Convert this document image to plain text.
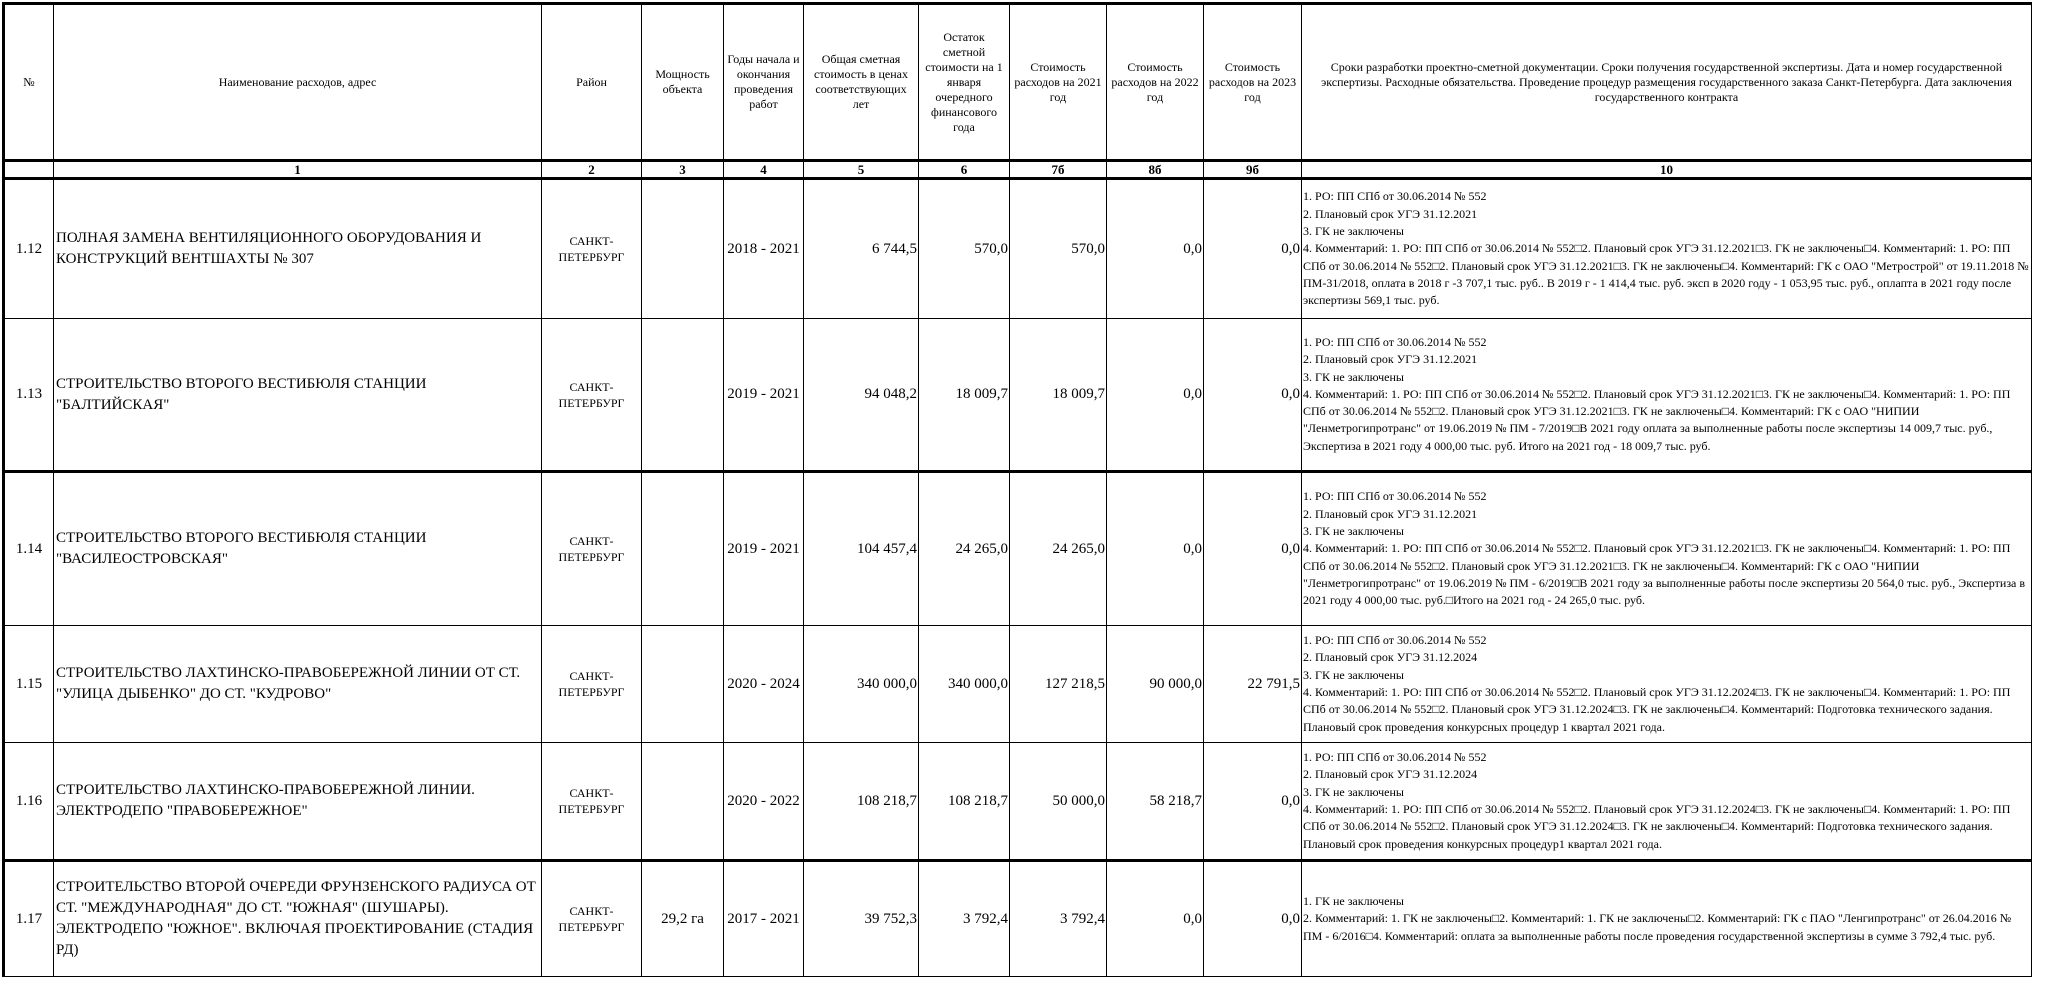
№	Наименование расходов, адрес	Район	Мощность объекта	Годы начала и окончания проведения работ	Общая сметная стоимость в ценах соответствующих лет	Остаток сметной стоимости на 1 января очередного финансового года	Стоимость расходов на 2021 год	Стоимость расходов на 2022 год	Стоимость расходов на 2023 год	Сроки разработки проектно-сметной документации. Сроки получения государственной экспертизы. Дата и номер государственной экспертизы. Расходные обязательства. Проведение процедур размещения государственного заказа Санкт-Петербурга. Дата заключения государственного контракта
	1	2	3	4	5	6	7б	8б	9б	10
1.12	ПОЛНАЯ ЗАМЕНА ВЕНТИЛЯЦИОННОГО ОБОРУДОВАНИЯ И КОНСТРУКЦИЙ ВЕНТШАХТЫ № 307	САНКТ-ПЕТЕРБУРГ		2018 - 2021	6 744,5	570,0	570,0	0,0	0,0	1. РО: ПП СПб от 30.06.2014 № 552
2. Плановый срок УГЭ 31.12.2021
3. ГК не заключены
4. Комментарий: 1. РО: ПП СПб от 30.06.2014 № 552□2. Плановый срок УГЭ 31.12.2021□3. ГК не заключены□4. Комментарий: 1. РО: ПП СПб от 30.06.2014 № 552□2. Плановый срок УГЭ 31.12.2021□3. ГК не заключены□4. Комментарий: ГК с ОАО "Метрострой" от 19.11.2018 № ПМ-31/2018, оплата в 2018 г -3 707,1 тыс. руб.. В 2019 г - 1 414,4 тыс. руб. эксп в 2020 году - 1 053,95 тыс. руб., оплапта в 2021 году после экспертизы 569,1 тыс. руб.
1.13	СТРОИТЕЛЬСТВО ВТОРОГО ВЕСТИБЮЛЯ СТАНЦИИ "БАЛТИЙСКАЯ"	САНКТ-ПЕТЕРБУРГ		2019 - 2021	94 048,2	18 009,7	18 009,7	0,0	0,0	1. РО: ПП СПб от 30.06.2014 № 552
2. Плановый срок УГЭ 31.12.2021
3. ГК не заключены
4. Комментарий: 1. РО: ПП СПб от 30.06.2014 № 552□2. Плановый срок УГЭ 31.12.2021□3. ГК не заключены□4. Комментарий: 1. РО: ПП СПб от 30.06.2014 № 552□2. Плановый срок УГЭ 31.12.2021□3. ГК не заключены□4. Комментарий: ГК с ОАО "НИПИИ "Ленметрогипротранс" от 19.06.2019 № ПМ - 7/2019□В 2021 году оплата за выполненные работы после экспертизы 14 009,7 тыс. руб., Экспертиза в 2021 году 4 000,00 тыс. руб. Итого на 2021 год - 18 009,7 тыс. руб.
1.14	СТРОИТЕЛЬСТВО ВТОРОГО ВЕСТИБЮЛЯ СТАНЦИИ "ВАСИЛЕОСТРОВСКАЯ"	САНКТ-ПЕТЕРБУРГ		2019 - 2021	104 457,4	24 265,0	24 265,0	0,0	0,0	1. РО: ПП СПб от 30.06.2014 № 552
2. Плановый срок УГЭ 31.12.2021
3. ГК не заключены
4. Комментарий: 1. РО: ПП СПб от 30.06.2014 № 552□2. Плановый срок УГЭ 31.12.2021□3. ГК не заключены□4. Комментарий: 1. РО: ПП СПб от 30.06.2014 № 552□2. Плановый срок УГЭ 31.12.2021□3. ГК не заключены□4. Комментарий: ГК с ОАО "НИПИИ "Ленметрогипротранс" от 19.06.2019 № ПМ - 6/2019□В 2021 году за выполненные работы после экспертизы 20 564,0 тыс. руб., Экспертиза в 2021 году 4 000,00 тыс. руб.□Итого на 2021 год - 24 265,0 тыс. руб.
1.15	СТРОИТЕЛЬСТВО ЛАХТИНСКО-ПРАВОБЕРЕЖНОЙ ЛИНИИ ОТ СТ. "УЛИЦА ДЫБЕНКО" ДО СТ. "КУДРОВО"	САНКТ-ПЕТЕРБУРГ		2020 - 2024	340 000,0	340 000,0	127 218,5	90 000,0	22 791,5	1. РО: ПП СПб от 30.06.2014 № 552
2. Плановый срок УГЭ 31.12.2024
3. ГК не заключены
4. Комментарий: 1. РО: ПП СПб от 30.06.2014 № 552□2. Плановый срок УГЭ 31.12.2024□3. ГК не заключены□4. Комментарий: 1. РО: ПП СПб от 30.06.2014 № 552□2. Плановый срок УГЭ 31.12.2024□3. ГК не заключены□4. Комментарий: Подготовка технического задания. Плановый срок проведения конкурсных процедур 1 квартал 2021 года.
1.16	СТРОИТЕЛЬСТВО ЛАХТИНСКО-ПРАВОБЕРЕЖНОЙ ЛИНИИ. ЭЛЕКТРОДЕПО "ПРАВОБЕРЕЖНОЕ"	САНКТ-ПЕТЕРБУРГ		2020 - 2022	108 218,7	108 218,7	50 000,0	58 218,7	0,0	1. РО: ПП СПб от 30.06.2014 № 552
2. Плановый срок УГЭ 31.12.2024
3. ГК не заключены
4. Комментарий: 1. РО: ПП СПб от 30.06.2014 № 552□2. Плановый срок УГЭ 31.12.2024□3. ГК не заключены□4. Комментарий: 1. РО: ПП СПб от 30.06.2014 № 552□2. Плановый срок УГЭ 31.12.2024□3. ГК не заключены□4. Комментарий: Подготовка технического задания. Плановый срок проведения конкурсных процедур1 квартал 2021 года.
1.17	СТРОИТЕЛЬСТВО ВТОРОЙ ОЧЕРЕДИ ФРУНЗЕНСКОГО РАДИУСА ОТ СТ. "МЕЖДУНАРОДНАЯ" ДО СТ. "ЮЖНАЯ" (ШУШАРЫ). ЭЛЕКТРОДЕПО "ЮЖНОЕ". ВКЛЮЧАЯ ПРОЕКТИРОВАНИЕ (СТАДИЯ РД)	САНКТ-ПЕТЕРБУРГ	29,2 га	2017 - 2021	39 752,3	3 792,4	3 792,4	0,0	0,0	1. ГК не заключены
2. Комментарий: 1. ГК не заключены□2. Комментарий: 1. ГК не заключены□2. Комментарий: ГК с ПАО "Ленгипротранс" от 26.04.2016 № ПМ - 6/2016□4. Комментарий: оплата за выполненные работы после проведения государственной экспертизы в сумме 3 792,4 тыс. руб.
